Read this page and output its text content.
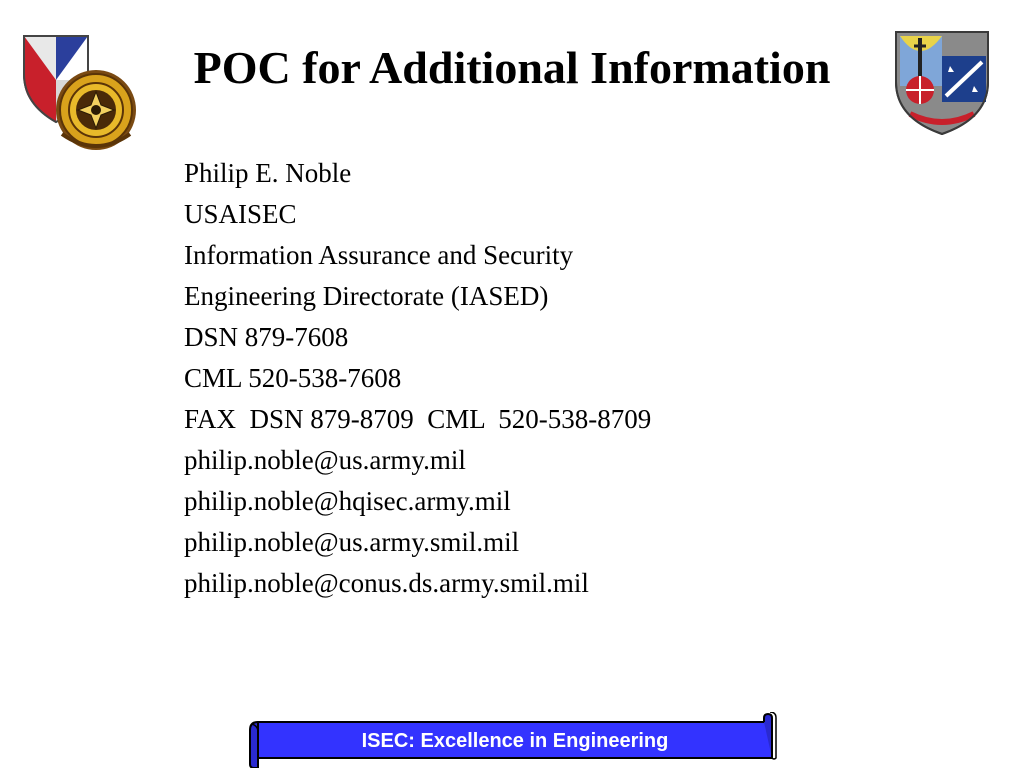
POC for Additional Information
Philip E. Noble
USAISEC
Information Assurance and Security
Engineering Directorate (IASED)
DSN 879-7608
CML 520-538-7608
FAX  DSN 879-8709  CML  520-538-8709
philip.noble@us.army.mil
philip.noble@hqisec.army.mil
philip.noble@us.army.smil.mil
philip.noble@conus.ds.army.smil.mil
ISEC: Excellence in Engineering
